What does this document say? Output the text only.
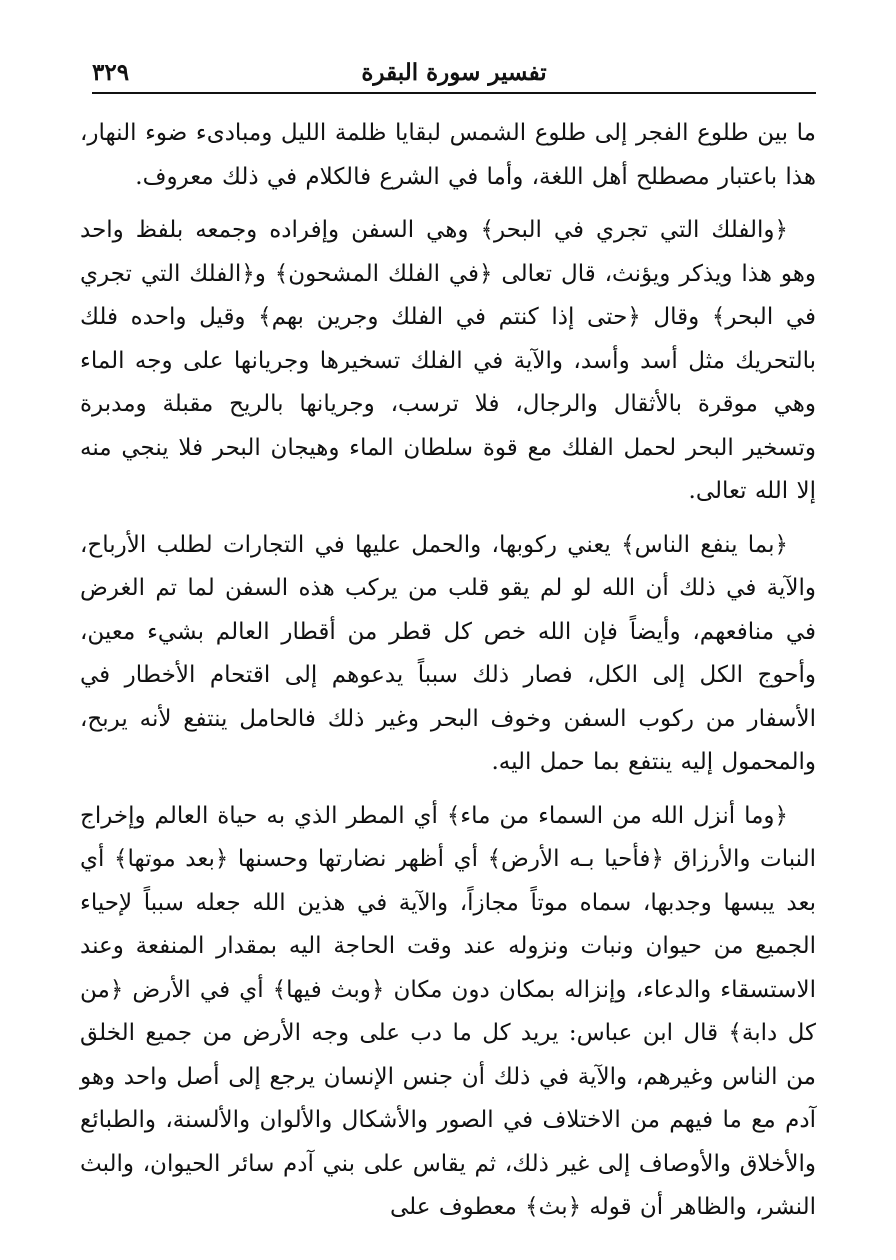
تفسير سورة البقرة
٣٢٩

ما بين طلوع الفجر إلى طلوع الشمس لبقايا ظلمة الليل ومبادىء ضوء النهار، هذا باعتبار مصطلح أهل اللغة، وأما في الشرع فالكلام في ذلك معروف.

﴿والفلك التي تجري في البحر﴾ وهي السفن وإفراده وجمعه بلفظ واحد وهو هذا ويذكر ويؤنث، قال تعالى ﴿في الفلك المشحون﴾ و﴿الفلك التي تجري في البحر﴾ وقال ﴿حتى إذا كنتم في الفلك وجرين بهم﴾ وقيل واحده فلك بالتحريك مثل أسد وأسد، والآية في الفلك تسخيرها وجريانها على وجه الماء وهي موقرة بالأثقال والرجال، فلا ترسب، وجريانها بالريح مقبلة ومدبرة وتسخير البحر لحمل الفلك مع قوة سلطان الماء وهيجان البحر فلا ينجي منه إلا الله تعالى.

﴿بما ينفع الناس﴾ يعني ركوبها، والحمل عليها في التجارات لطلب الأرباح، والآية في ذلك أن الله لو لم يقو قلب من يركب هذه السفن لما تم الغرض في منافعهم، وأيضاً فإن الله خص كل قطر من أقطار العالم بشيء معين، وأحوج الكل إلى الكل، فصار ذلك سبباً يدعوهم إلى اقتحام الأخطار في الأسفار من ركوب السفن وخوف البحر وغير ذلك فالحامل ينتفع لأنه يربح، والمحمول إليه ينتفع بما حمل اليه.

﴿وما أنزل الله من السماء من ماء﴾ أي المطر الذي به حياة العالم وإخراج النبات والأرزاق ﴿فأحيا بـه الأرض﴾ أي أظهر نضارتها وحسنها ﴿بعد موتها﴾ أي بعد يبسها وجدبها، سماه موتاً مجازاً، والآية في هذين الله جعله سبباً لإحياء الجميع من حيوان ونبات ونزوله عند وقت الحاجة اليه بمقدار المنفعة وعند الاستسقاء والدعاء، وإنزاله بمكان دون مكان ﴿وبث فيها﴾ أي في الأرض ﴿من كل دابة﴾ قال ابن عباس: يريد كل ما دب على وجه الأرض من جميع الخلق من الناس وغيرهم، والآية في ذلك أن جنس الإنسان يرجع إلى أصل واحد وهو آدم مع ما فيهم من الاختلاف في الصور والأشكال والألوان والألسنة، والطبائع والأخلاق والأوصاف إلى غير ذلك، ثم يقاس على بني آدم سائر الحيوان، والبث النشر، والظاهر أن قوله ﴿بث﴾ معطوف على
